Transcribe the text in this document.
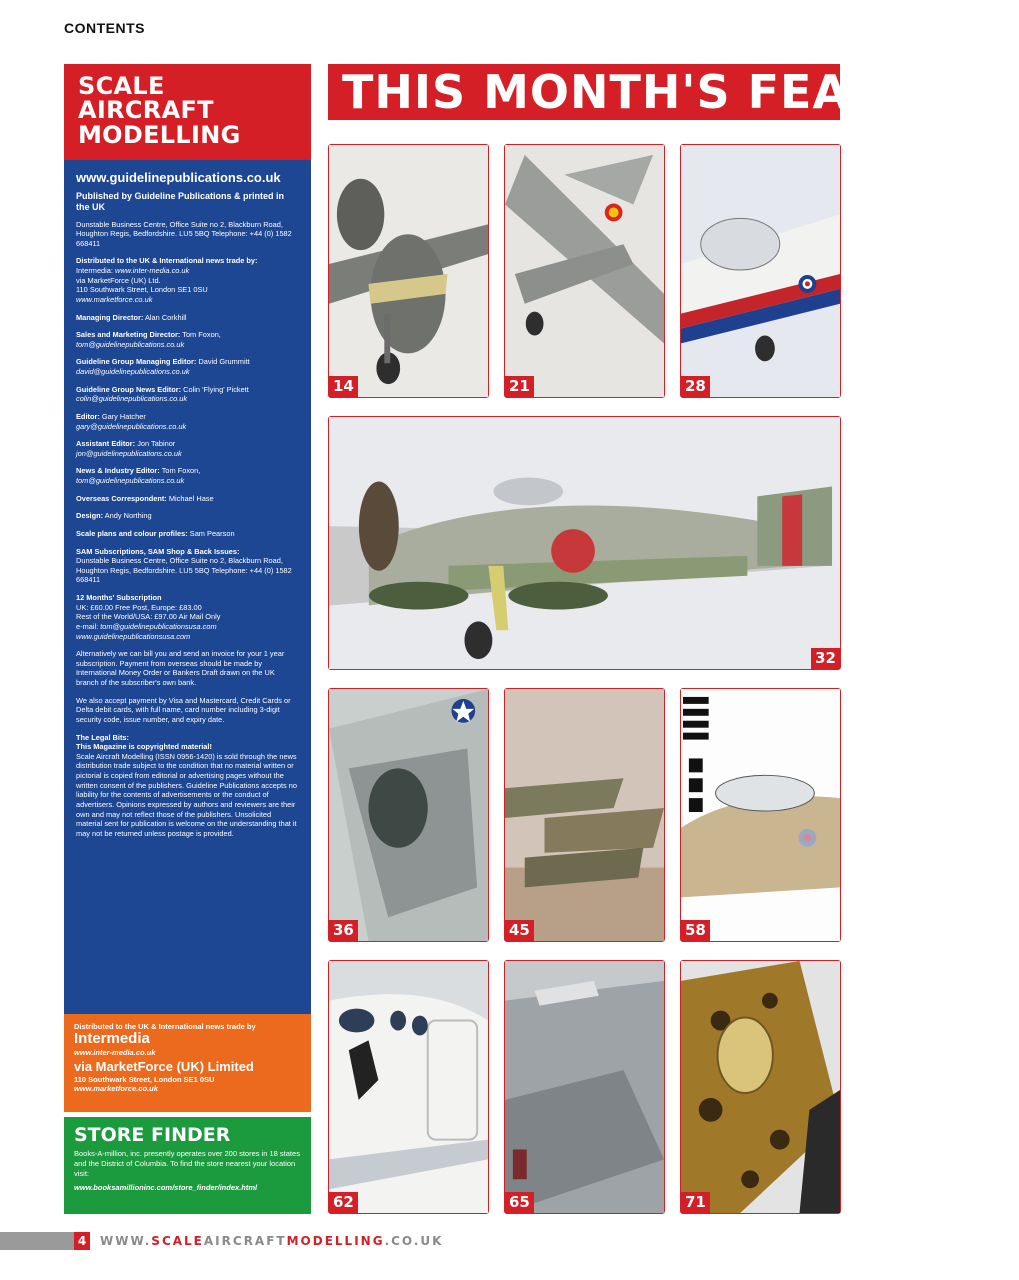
CONTENTS
SCALE
AIRCRAFT
MODELLING
www.guidelinepublications.co.uk
Published by Guideline Publications & printed in the UK

Dunstable Business Centre, Office Suite no 2, Blackburn Road, Houghton Regis, Bedfordshire. LU5 5BQ Telephone: +44 (0) 1582 668411

Distributed to the UK & International news trade by:
Intermedia: www.inter-media.co.uk
via MarketForce (UK) Ltd.
110 Southwark Street, London SE1 0SU
www.marketforce.co.uk

Managing Director: Alan Corkhill

Sales and Marketing Director: Tom Foxon,
tom@guidelinepublications.co.uk

Guideline Group Managing Editor: David Grummitt
david@guidelinepublications.co.uk

Guideline Group News Editor: Colin 'Flying' Pickett
colin@guidelinepublications.co.uk

Editor: Gary Hatcher
gary@guidelinepublications.co.uk

Assistant Editor: Jon Tabinor
jon@guidelinepublications.co.uk

News & Industry Editor: Tom Foxon,
tom@guidelinepublications.co.uk

Overseas Correspondent: Michael Hase

Design: Andy Northing

Scale plans and colour profiles: Sam Pearson

SAM Subscriptions, SAM Shop & Back Issues:
Dunstable Business Centre, Office Suite no 2, Blackburn Road, Houghton Regis, Bedfordshire. LU5 5BQ Telephone: +44 (0) 1582 668411

12 Months' Subscription
UK: £60.00 Free Post, Europe: £83.00
Rest of the World/USA: £97.00 Air Mail Only
e-mail: tom@guidelinepublicationsusa.com
www.guidelinepublicationsusa.com

Alternatively we can bill you and send an invoice for your 1 year subscription. Payment from overseas should be made by International Money Order or Bankers Draft drawn on the UK branch of the subscriber's own bank.

We also accept payment by Visa and Mastercard, Credit Cards or Delta debit cards, with full name, card number including 3-digit security code, issue number, and expiry date.

The Legal Bits:
This Magazine is copyrighted material!
Scale Aircraft Modelling (ISSN 0956-1420) is sold through the news distribution trade subject to the condition that no material written or pictorial is copied from editorial or advertising pages without the written consent of the publishers. Guideline Publications accepts no liability for the contents of advertisements or the conduct of advertisers. Opinions expressed by authors and reviewers are their own and may not reflect those of the publishers. Unsolicited material sent for publication is welcome on the understanding that it may not be returned unless postage is provided.

Distributed to the UK & International news trade by
Intermedia
www.inter-media.co.uk
via MarketForce (UK) Limited
110 Southwark Street, London SE1 0SU
www.marketforce.co.uk
STORE FINDER
Books-A-million, inc. presently operates over 200 stores in 18 states and the District of Columbia. To find the store nearest your location visit:
www.booksamillioninc.com/store_finder/index.html
THIS MONTH'S FEATURES
14	21	28
32
36	45	58
62	65	71
4	WWW.SCALEAIRCRAFTMODELLING.CO.UK
